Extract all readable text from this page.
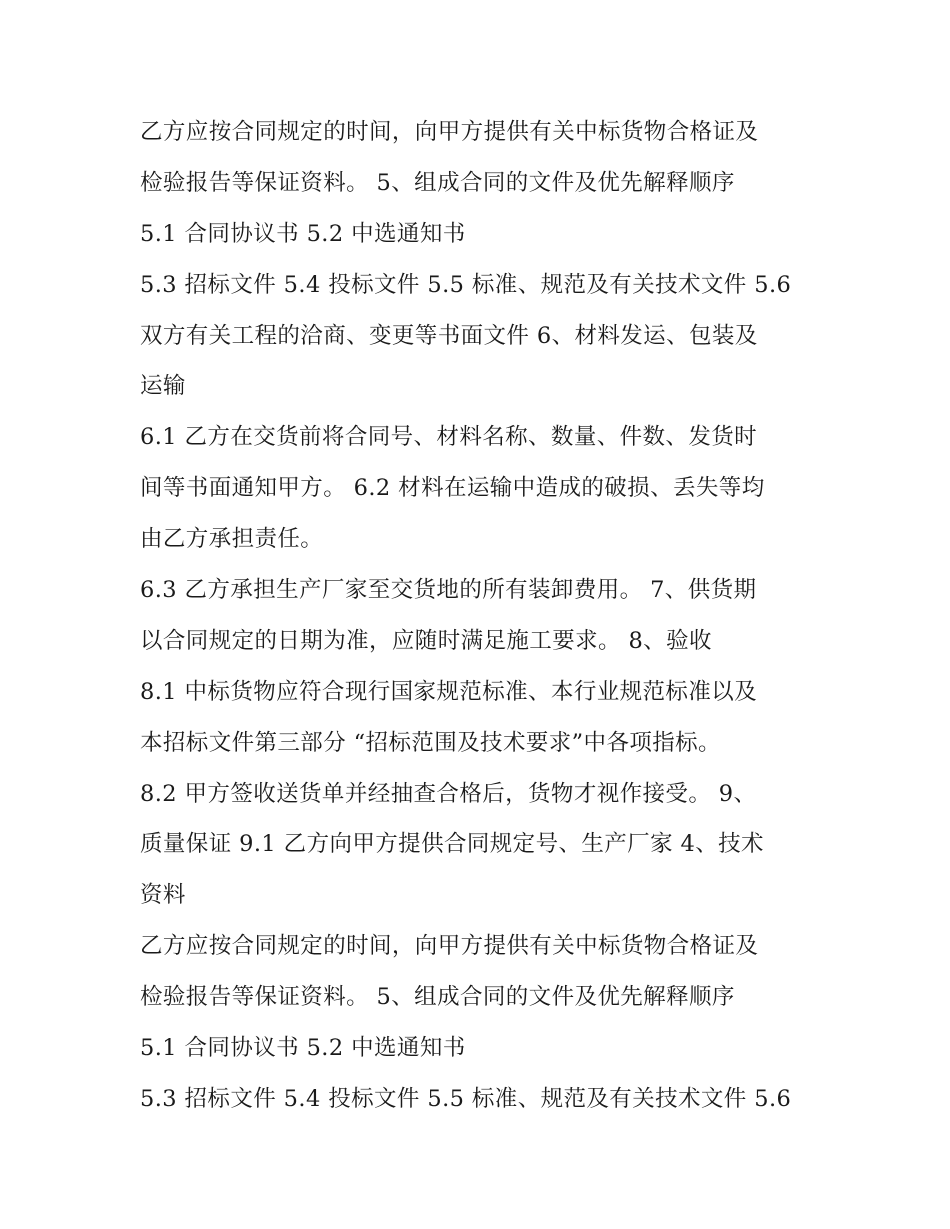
乙方应按合同规定的时间，向甲方提供有关中标货物合格证及
检验报告等保证资料。 5、组成合同的文件及优先解释顺序
5.1 合同协议书 5.2 中选通知书
5.3 招标文件 5.4 投标文件 5.5 标准、规范及有关技术文件 5.6
双方有关工程的洽商、变更等书面文件 6、材料发运、包装及
运输
6.1 乙方在交货前将合同号、材料名称、数量、件数、发货时
间等书面通知甲方。 6.2 材料在运输中造成的破损、丢失等均
由乙方承担责任。
6.3 乙方承担生产厂家至交货地的所有装卸费用。 7、供货期
以合同规定的日期为准，应随时满足施工要求。 8、验收
8.1 中标货物应符合现行国家规范标准、本行业规范标准以及
本招标文件第三部分 “招标范围及技术要求”中各项指标。
8.2 甲方签收送货单并经抽查合格后，货物才视作接受。 9、
质量保证 9.1 乙方向甲方提供合同规定号、生产厂家 4、技术
资料
乙方应按合同规定的时间，向甲方提供有关中标货物合格证及
检验报告等保证资料。 5、组成合同的文件及优先解释顺序
5.1 合同协议书 5.2 中选通知书
5.3 招标文件 5.4 投标文件 5.5 标准、规范及有关技术文件 5.6
